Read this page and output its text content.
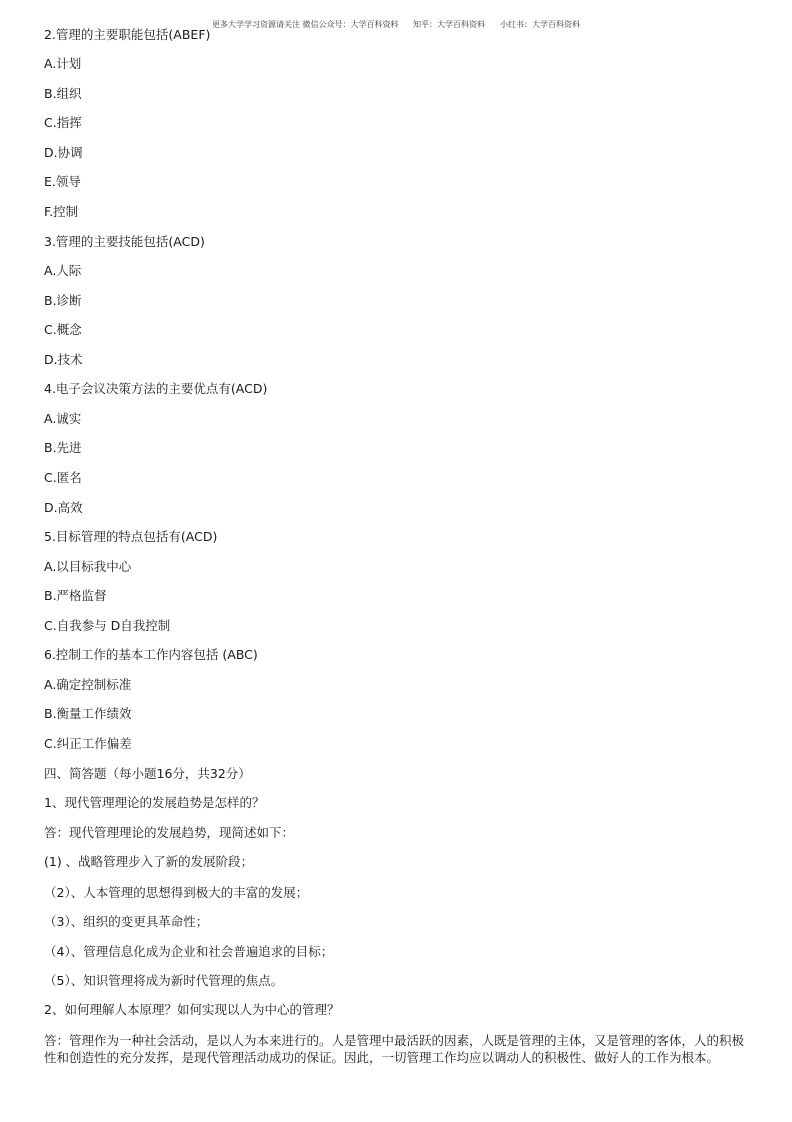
更多大学学习资源请关注 微信公众号：大学百科资料 知乎：大学百科资料 小红书：大学百科资料
2.管理的主要职能包括(ABEF)
A.计划
B.组织
C.指挥
D.协调
E.领导
F.控制
3.管理的主要技能包括(ACD)
A.人际
B.诊断
C.概念
D.技术
4.电子会议决策方法的主要优点有(ACD)
A.诚实
B.先进
C.匿名
D.高效
5.目标管理的特点包括有(ACD)
A.以目标我中心
B.严格监督
C.自我参与 D自我控制
6.控制工作的基本工作内容包括 (ABC)
A.确定控制标准
B.衡量工作绩效
C.纠正工作偏差
四、简答题（每小题16分，共32分）
1、现代管理理论的发展趋势是怎样的？
答：现代管理理论的发展趋势，现简述如下：
(1) 、战略管理步入了新的发展阶段；
（2）、人本管理的思想得到极大的丰富的发展；
（3）、组织的变更具革命性；
（4）、管理信息化成为企业和社会普遍追求的目标；
（5）、知识管理将成为新时代管理的焦点。
2、如何理解人本原理？如何实现以人为中心的管理？
答：管理作为一种社会活动，是以人为本来进行的。人是管理中最活跃的因素，人既是管理的主体，又是管理的客体，人的积极性和创造性的充分发挥，是现代管理活动成功的保证。因此，一切管理工作均应以调动人的积极性、做好人的工作为根本。
